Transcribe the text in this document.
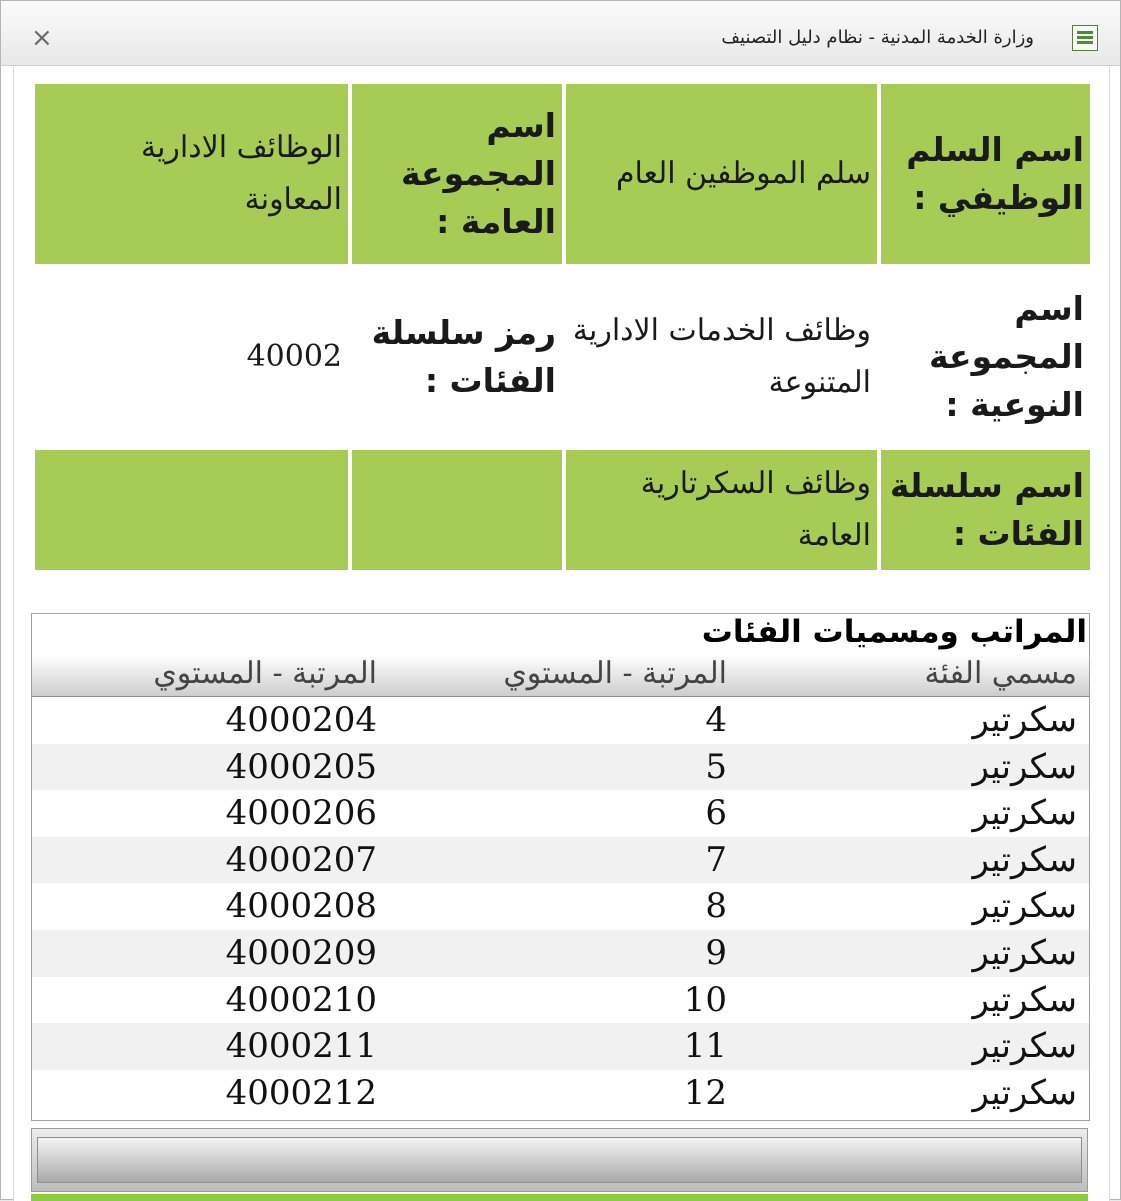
×	وزارة الخدمة المدنية - نظام دليل التصنيف
اسم السلم الوظيفي :
سلم الموظفين العام
اسم المجموعة العامة :
الوظائف الادارية المعاونة
اسم المجموعة النوعية :
وظائف الخدمات الادارية المتنوعة
رمز سلسلة الفئات :
40002
اسم سلسلة الفئات :
وظائف السكرتارية العامة
المراتب ومسميات الفئات
مسمي الفئة
المرتبة - المستوي
المرتبة - المستوي
سكرتير
4
4000204
سكرتير
5
4000205
سكرتير
6
4000206
سكرتير
7
4000207
سكرتير
8
4000208
سكرتير
9
4000209
سكرتير
10
4000210
سكرتير
11
4000211
سكرتير
12
4000212
